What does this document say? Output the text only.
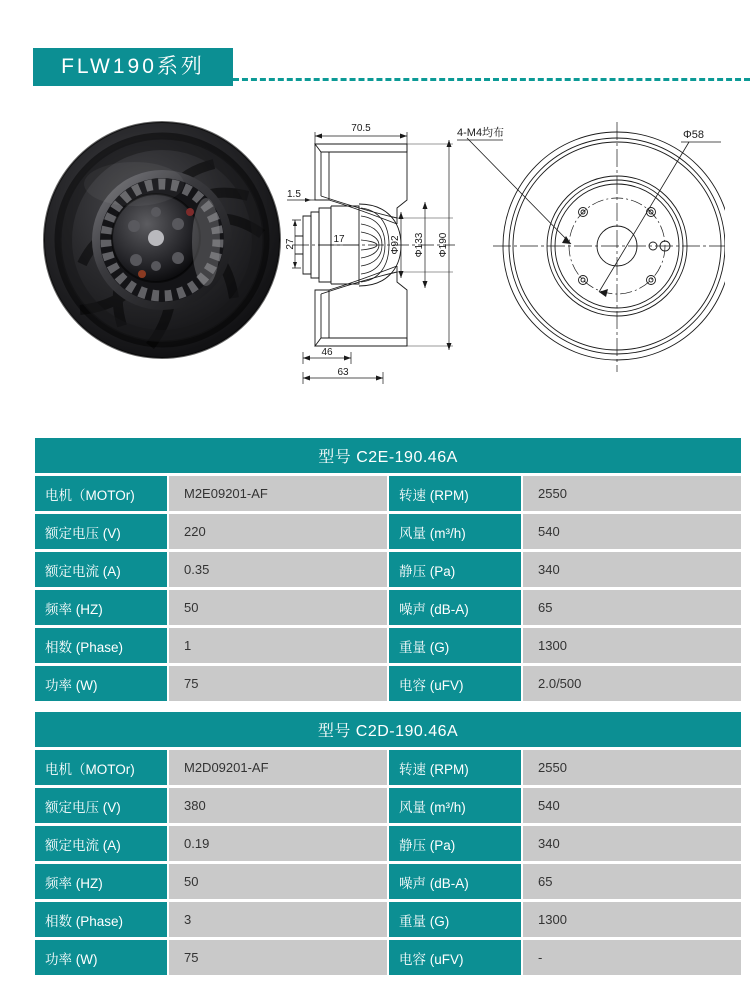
FLW190系列
70.5
1.5
27	17	Φ92 Φ133 Φ190
46
63
4-M4均布	Φ58
型号 C2E-190.46A			
电机（MOTOr)	M2E09201-AF	转速 (RPM)	2550
额定电压 (V)	220	风量 (m³/h)	540
额定电流 (A)	0.35	静压 (Pa)	340
频率 (HZ)	50	噪声 (dB-A)	65
相数 (Phase)	1	重量 (G)	1300
功率 (W)	75	电容 (uFV)	2.0/500
型号 C2D-190.46A			
电机（MOTOr)	M2D09201-AF	转速 (RPM)	2550
额定电压 (V)	380	风量 (m³/h)	540
额定电流 (A)	0.19	静压 (Pa)	340
频率 (HZ)	50	噪声 (dB-A)	65
相数 (Phase)	3	重量 (G)	1300
功率 (W)	75	电容 (uFV)	-
